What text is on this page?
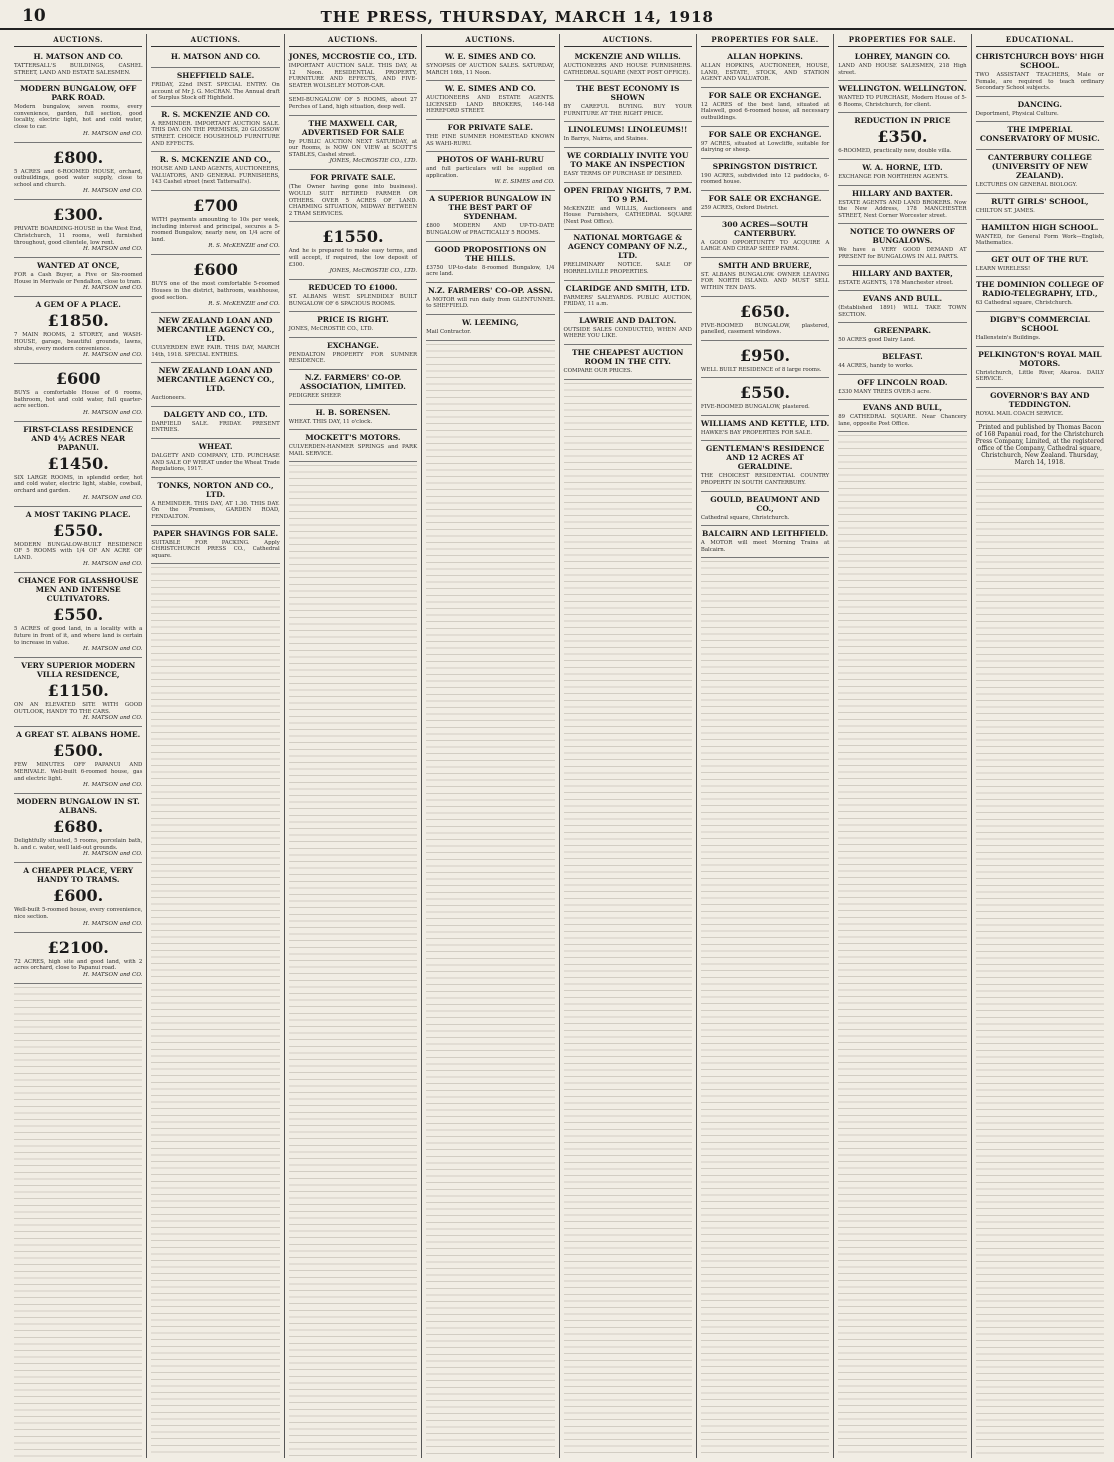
10	THE PRESS, THURSDAY, MARCH 14, 1918
AUCTIONS.
H. MATSON AND CO.
TATTERSALL'S BUILDINGS, CASHEL STREET, LAND AND ESTATE SALESMEN.
MODERN BUNGALOW, OFF PARK ROAD.
Modern bungalow, seven rooms, every convenience, garden, full section, good locality, electric light, hot and cold water, close to car.
H. MATSON and CO.
£800.
5 ACRES and 6-ROOMED HOUSE, orchard, outbuildings, good water supply, close to school and church.
H. MATSON and CO.
£300.
PRIVATE BOARDING-HOUSE in the West End, Christchurch, 11 rooms, well furnished throughout, good clientele, low rent.
H. MATSON and CO.
WANTED AT ONCE,
FOR a Cash Buyer, a Five or Six-roomed House in Merivale or Fendalton, close to tram.
H. MATSON and CO.
A GEM OF A PLACE.
£1850.
7 MAIN ROOMS, 2 STOREY, and WASH-HOUSE, garage, beautiful grounds, lawns, shrubs, every modern convenience.
H. MATSON and CO.
£600
BUYS a comfortable House of 6 rooms, bathroom, hot and cold water, full quarter-acre section.
H. MATSON and CO.
FIRST-CLASS RESIDENCE AND 4½ ACRES NEAR PAPANUI.
£1450.
SIX LARGE ROOMS, in splendid order, hot and cold water, electric light, stable, cowbail, orchard and garden.
H. MATSON and CO.
A MOST TAKING PLACE.
£550.
MODERN BUNGALOW-BUILT RESIDENCE OF 5 ROOMS with 1/4 OF AN ACRE OF LAND.
H. MATSON and CO.
CHANCE FOR GLASSHOUSE MEN AND INTENSE CULTIVATORS.
£550.
5 ACRES of good land, in a locality with a future in front of it, and where land is certain to increase in value.
H. MATSON and CO.
VERY SUPERIOR MODERN VILLA RESIDENCE,
£1150.
ON AN ELEVATED SITE WITH GOOD OUTLOOK, HANDY TO THE CARS.
H. MATSON and CO.
A GREAT ST. ALBANS HOME.
£500.
FEW MINUTES OFF PAPANUI AND MERIVALE. Well-built 6-roomed house, gas and electric light.
H. MATSON and CO.
MODERN BUNGALOW IN ST. ALBANS.
£680.
Delightfully situated, 5 rooms, porcelain bath, h. and c. water, well laid-out grounds.
H. MATSON and CO.
A CHEAPER PLACE, VERY HANDY TO TRAMS.
£600.
Well-built 5-roomed house, every convenience, nice section.
H. MATSON and CO.
£2100.
72 ACRES, high site and good land, with 2 acres orchard, close to Papanui road.
H. MATSON and CO.
AUCTIONS.
H. MATSON AND CO.
SHEFFIELD SALE.
FRIDAY, 22nd INST. SPECIAL ENTRY. On account of Mr J. G. McCRAN. The Annual draft of Surplus Stock off Highfield.
R. S. MCKENZIE AND CO.
A REMINDER. IMPORTANT AUCTION SALE. THIS DAY. ON THE PREMISES, 20 GLOSSOW STREET. CHOICE HOUSEHOLD FURNITURE AND EFFECTS.
R. S. MCKENZIE AND CO.,
HOUSE AND LAND AGENTS, AUCTIONEERS, VALUATORS, AND GENERAL FURNISHERS, 143 Cashel street (next Tattersall's).
£700
WITH payments amounting to 10s per week, including interest and principal, secures a 5-roomed Bungalow, nearly new, on 1/4 acre of land.
R. S. McKENZIE and CO.
£600
BUYS one of the most comfortable 5-roomed Houses in the district, bathroom, washhouse, good section.
R. S. McKENZIE and CO.
NEW ZEALAND LOAN AND MERCANTILE AGENCY CO., LTD.
CULVERDEN EWE FAIR. THIS DAY, MARCH 14th, 1918. SPECIAL ENTRIES.
NEW ZEALAND LOAN AND MERCANTILE AGENCY CO., LTD.
Auctioneers.
DALGETY AND CO., LTD.
DARFIELD SALE. FRIDAY. PRESENT ENTRIES.
WHEAT.
DALGETY AND COMPANY, LTD. PURCHASE AND SALE OF WHEAT under the Wheat Trade Regulations, 1917.
TONKS, NORTON AND CO., LTD.
A REMINDER. THIS DAY, AT 1.30. THIS DAY. On the Premises, GARDEN ROAD, FENDALTON.
PAPER SHAVINGS FOR SALE.
SUITABLE FOR PACKING. Apply CHRISTCHURCH PRESS CO., Cathedral square.
AUCTIONS.
JONES, MCCROSTIE CO., LTD.
IMPORTANT AUCTION SALE. THIS DAY, At 12 Noon. RESIDENTIAL PROPERTY, FURNITURE AND EFFECTS, AND FIVE-SEATER WOLSELEY MOTOR-CAR.
SEMI-BUNGALOW OF 5 ROOMS, about 27 Perches of Land, high situation, deep well.
THE MAXWELL CAR, ADVERTISED FOR SALE
by PUBLIC AUCTION NEXT SATURDAY, at our Rooms, is NOW ON VIEW at SCOTT'S STABLES, Cashel street.
JONES, McCROSTIE CO., LTD.
FOR PRIVATE SALE.
(The Owner having gone into business). WOULD SUIT RETIRED FARMER OR OTHERS. OVER 5 ACRES OF LAND. CHARMING SITUATION, MIDWAY BETWEEN 2 TRAM SERVICES.
£1550.
And he is prepared to make easy terms, and will accept, if required, the low deposit of £300.
JONES, McCROSTIE CO., LTD.
REDUCED TO £1000.
ST. ALBANS WEST. SPLENDIDLY BUILT BUNGALOW OF 6 SPACIOUS ROOMS.
PRICE IS RIGHT.
JONES, McCROSTIE CO., LTD.
EXCHANGE.
PENDALTON PROPERTY FOR SUMNER RESIDENCE.
N.Z. FARMERS' CO-OP. ASSOCIATION, LIMITED.
PEDIGREE SHEEP.
H. B. SORENSEN.
WHEAT. THIS DAY, 11 o'clock.
MOCKETT'S MOTORS.
CULVERDEN-HANMER SPRINGS and PARK MAIL SERVICE.
AUCTIONS.
W. E. SIMES AND CO.
SYNOPSIS OF AUCTION SALES. SATURDAY, MARCH 16th, 11 Noon.
W. E. SIMES AND CO.
AUCTIONEERS AND ESTATE AGENTS. LICENSED LAND BROKERS, 146-148 HEREFORD STREET.
FOR PRIVATE SALE.
THE FINE SUMNER HOMESTEAD KNOWN AS WAHI-RURU.
PHOTOS OF WAHI-RURU
and full particulars will be supplied on application.
W. E. SIMES and CO.
A SUPERIOR BUNGALOW IN THE BEST PART OF SYDENHAM.
£800 MODERN AND UP-TO-DATE BUNGALOW of PRACTICALLY 5 ROOMS.
GOOD PROPOSITIONS ON THE HILLS.
£3750 UP-to-date 8-roomed Bungalow, 1/4 acre land.
N.Z. FARMERS' CO-OP. ASSN.
A MOTOR will run daily from GLENTUNNEL to SHEFFIELD.
W. LEEMING,
Mail Contractor.
AUCTIONS.
MCKENZIE AND WILLIS.
AUCTIONEERS AND HOUSE FURNISHERS. CATHEDRAL SQUARE (NEXT POST OFFICE).
THE BEST ECONOMY IS SHOWN
BY CAREFUL BUYING. BUY YOUR FURNITURE AT THE RIGHT PRICE.
LINOLEUMS! LINOLEUMS!!
In Barrys, Nairns, and Staines.
WE CORDIALLY INVITE YOU TO MAKE AN INSPECTION
EASY TERMS OF PURCHASE IF DESIRED.
OPEN FRIDAY NIGHTS, 7 P.M. TO 9 P.M.
McKENZIE and WILLIS, Auctioneers and House Furnishers, CATHEDRAL SQUARE (Next Post Office).
NATIONAL MORTGAGE & AGENCY COMPANY OF N.Z., LTD.
PRELIMINARY NOTICE. SALE OF HORRELLVILLE PROPERTIES.
CLARIDGE AND SMITH, LTD.
FARMERS' SALEYARDS. PUBLIC AUCTION, FRIDAY, 11 a.m.
LAWRIE AND DALTON.
OUTSIDE SALES CONDUCTED, WHEN AND WHERE YOU LIKE.
THE CHEAPEST AUCTION ROOM IN THE CITY.
COMPARE OUR PRICES.
PROPERTIES FOR SALE.
ALLAN HOPKINS.
ALLAN HOPKINS, AUCTIONEER, HOUSE, LAND, ESTATE, STOCK, AND STATION AGENT AND VALUATOR.
FOR SALE OR EXCHANGE.
12 ACRES of the best land, situated at Halswell, good 6-roomed house, all necessary outbuildings.
FOR SALE OR EXCHANGE.
97 ACRES, situated at Lowcliffe, suitable for dairying or sheep.
SPRINGSTON DISTRICT.
190 ACRES, subdivided into 12 paddocks, 6-roomed house.
FOR SALE OR EXCHANGE.
259 ACRES, Oxford District.
300 ACRES—SOUTH CANTERBURY.
A GOOD OPPORTUNITY TO ACQUIRE A LARGE AND CHEAP SHEEP FARM.
SMITH AND BRUERE,
ST. ALBANS BUNGALOW. OWNER LEAVING FOR NORTH ISLAND. AND MUST SELL WITHIN TEN DAYS.
£650.
FIVE-ROOMED BUNGALOW, plastered, panelled, casement windows.
£950.
WELL BUILT RESIDENCE of 8 large rooms.
£550.
FIVE-ROOMED BUNGALOW, plastered.
WILLIAMS AND KETTLE, LTD.
HAWKE'S BAY PROPERTIES FOR SALE.
GENTLEMAN'S RESIDENCE AND 12 ACRES AT GERALDINE.
THE CHOICEST RESIDENTIAL COUNTRY PROPERTY IN SOUTH CANTERBURY.
GOULD, BEAUMONT AND CO.,
Cathedral square, Christchurch.
BALCAIRN AND LEITHFIELD.
A MOTOR will meet Morning Trains at Balcairn.
PROPERTIES FOR SALE.
LOHREY, MANGIN CO.
LAND AND HOUSE SALESMEN, 218 High street.
WELLINGTON. WELLINGTON.
WANTED TO PURCHASE, Modern House of 5-6 Rooms, Christchurch, for client.
REDUCTION IN PRICE
£350.
6-ROOMED, practically new, double villa.
W. A. HORNE, LTD.
EXCHANGE FOR NORTHERN AGENTS.
HILLARY AND BAXTER.
ESTATE AGENTS AND LAND BROKERS. Now the New Address, 178 MANCHESTER STREET, Next Corner Worcester street.
NOTICE TO OWNERS OF BUNGALOWS.
We have a VERY GOOD DEMAND AT PRESENT for BUNGALOWS IN ALL PARTS.
HILLARY AND BAXTER,
ESTATE AGENTS, 178 Manchester street.
EVANS AND BULL.
(Established 1891) WILL TAKE TOWN SECTION.
GREENPARK.
50 ACRES good Dairy Land.
BELFAST.
44 ACRES, handy to works.
OFF LINCOLN ROAD.
£330 MANY TREES OVER-3 acre.
EVANS AND BULL,
89 CATHEDRAL SQUARE. Near Chancery lane, opposite Post Office.
EDUCATIONAL.
CHRISTCHURCH BOYS' HIGH SCHOOL.
TWO ASSISTANT TEACHERS, Male or Female, are required to teach ordinary Secondary School subjects.
DANCING.
Deportment, Physical Culture.
THE IMPERIAL CONSERVATORY OF MUSIC.
CANTERBURY COLLEGE (UNIVERSITY OF NEW ZEALAND).
LECTURES ON GENERAL BIOLOGY.
RUTT GIRLS' SCHOOL,
CHILTON ST. JAMES.
HAMILTON HIGH SCHOOL.
WANTED, for General Form Work—English, Mathematics.
GET OUT OF THE RUT.
LEARN WIRELESS!
THE DOMINION COLLEGE OF RADIO-TELEGRAPHY, LTD.,
63 Cathedral square, Christchurch.
DIGBY'S COMMERCIAL SCHOOL
Hallenstein's Buildings.
PELKINGTON'S ROYAL MAIL MOTORS.
Christchurch, Little River, Akaroa. DAILY SERVICE.
GOVERNOR'S BAY AND TEDDINGTON.
ROYAL MAIL COACH SERVICE.
Printed and published by Thomas Bacon of 168 Papanui road, for the Christchurch Press Company, Limited, at the registered office of the Company, Cathedral square, Christchurch, New Zealand. Thursday, March 14, 1918.
